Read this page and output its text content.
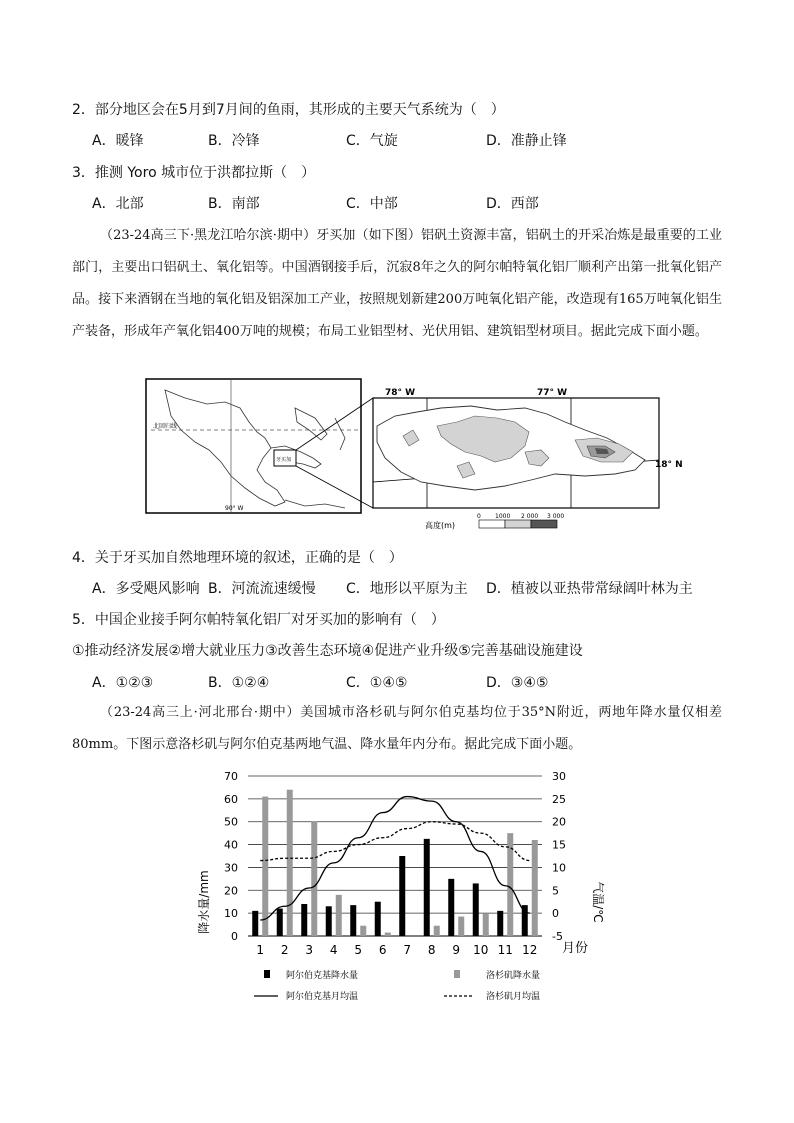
2．部分地区会在5月到7月间的鱼雨，其形成的主要天气系统为（　）
A．暖锋	B．冷锋	C．气旋	D．准静止锋
3．推测 Yoro 城市位于洪都拉斯（　）
A．北部	B．南部	C．中部	D．西部
（23-24高三下·黑龙江哈尔滨·期中）牙买加（如下图）铝矾土资源丰富，铝矾土的开采冶炼是最重要的工业部门，主要出口铝矾土、氧化铝等。中国酒钢接手后，沉寂8年之久的阿尔帕特氧化铝厂顺利产出第一批氧化铝产品。接下来酒钢在当地的氧化铝及铝深加工产业，按照规划新建200万吨氧化铝产能，改造现有165万吨氧化铝生产装备，形成年产氧化铝400万吨的规模；布局工业铝型材、光伏用铝、建筑铝型材项目。据此完成下面小题。
北回归线
90° W
牙买加
78° W	77° W
18° N
高度(m)
0 1000 2 000 3 000
4．关于牙买加自然地理环境的叙述，正确的是（　）
A．多受飓风影响 B．河流流速缓慢 C．地形以平原为主 D．植被以亚热带常绿阔叶林为主
5．中国企业接手阿尔帕特氧化铝厂对牙买加的影响有（　）
①推动经济发展②增大就业压力③改善生态环境④促进产业升级⑤完善基础设施建设
A．①②③	B．①②④	C．①④⑤	D．③④⑤
（23-24高三上·河北邢台·期中）美国城市洛杉矶与阿尔伯克基均位于35°N附近，两地年降水量仅相差80mm。下图示意洛杉矶与阿尔伯克基两地气温、降水量年内分布。据此完成下面小题。
0
10
20
30
40
50
60
70
-5
0
5
10
15
20
25
30
1 2 3 4 5 6 7 8 9 10 11 12
降水量/mm	气温/℃
月份
阿尔伯克基降水量	洛杉矶降水量
阿尔伯克基月均温	洛杉矶月均温
